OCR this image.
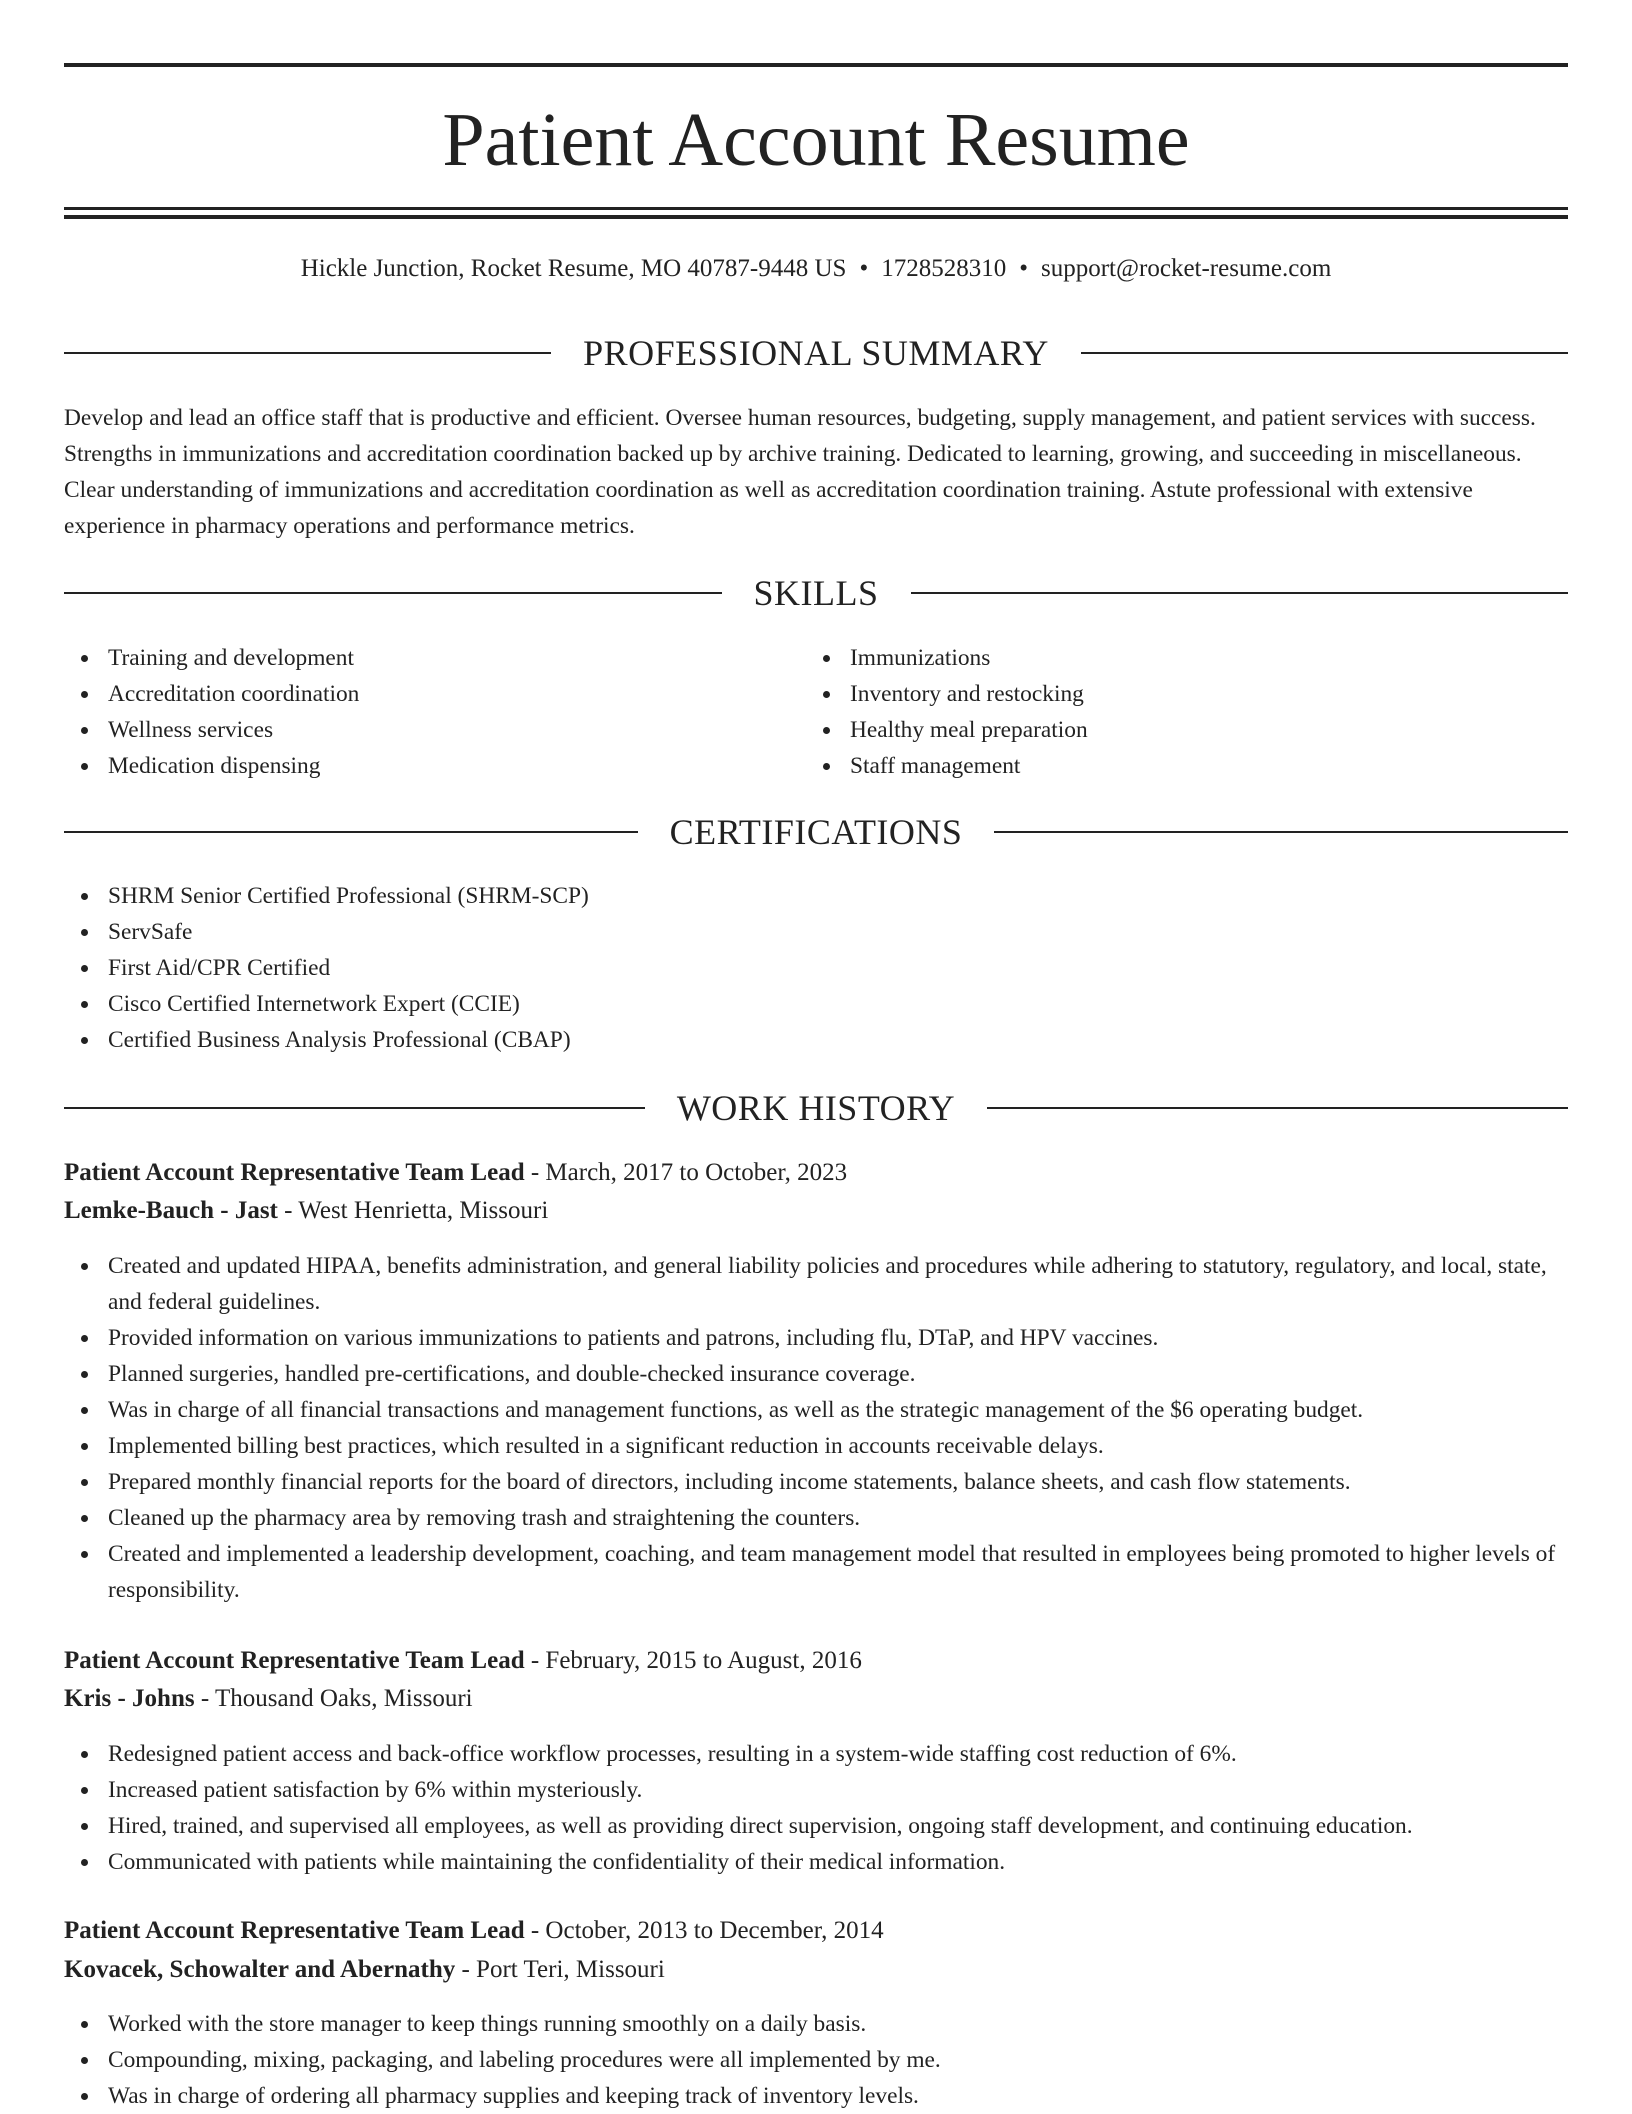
Patient Account Resume
Hickle Junction, Rocket Resume, MO 40787-9448 US • 1728528310 • support@rocket-resume.com
PROFESSIONAL SUMMARY

Develop and lead an office staff that is productive and efficient. Oversee human resources, budgeting, supply management, and patient services with success. Strengths in immunizations and accreditation coordination backed up by archive training. Dedicated to learning, growing, and succeeding in miscellaneous. Clear understanding of immunizations and accreditation coordination as well as accreditation coordination training. Astute professional with extensive experience in pharmacy operations and performance metrics.

SKILLS
Training and development
Accreditation coordination
Wellness services
Medication dispensing
Immunizations
Inventory and restocking
Healthy meal preparation
Staff management
CERTIFICATIONS
SHRM Senior Certified Professional (SHRM-SCP)
ServSafe
First Aid/CPR Certified
Cisco Certified Internetwork Expert (CCIE)
Certified Business Analysis Professional (CBAP)
WORK HISTORY
Patient Account Representative Team Lead - March, 2017 to October, 2023
Lemke-Bauch - Jast - West Henrietta, Missouri
Created and updated HIPAA, benefits administration, and general liability policies and procedures while adhering to statutory, regulatory, and local, state, and federal guidelines.
Provided information on various immunizations to patients and patrons, including flu, DTaP, and HPV vaccines.
Planned surgeries, handled pre-certifications, and double-checked insurance coverage.
Was in charge of all financial transactions and management functions, as well as the strategic management of the $6 operating budget.
Implemented billing best practices, which resulted in a significant reduction in accounts receivable delays.
Prepared monthly financial reports for the board of directors, including income statements, balance sheets, and cash flow statements.
Cleaned up the pharmacy area by removing trash and straightening the counters.
Created and implemented a leadership development, coaching, and team management model that resulted in employees being promoted to higher levels of responsibility.
Patient Account Representative Team Lead - February, 2015 to August, 2016
Kris - Johns - Thousand Oaks, Missouri
Redesigned patient access and back-office workflow processes, resulting in a system-wide staffing cost reduction of 6%.
Increased patient satisfaction by 6% within mysteriously.
Hired, trained, and supervised all employees, as well as providing direct supervision, ongoing staff development, and continuing education.
Communicated with patients while maintaining the confidentiality of their medical information.
Patient Account Representative Team Lead - October, 2013 to December, 2014
Kovacek, Schowalter and Abernathy - Port Teri, Missouri
Worked with the store manager to keep things running smoothly on a daily basis.
Compounding, mixing, packaging, and labeling procedures were all implemented by me.
Was in charge of ordering all pharmacy supplies and keeping track of inventory levels.
